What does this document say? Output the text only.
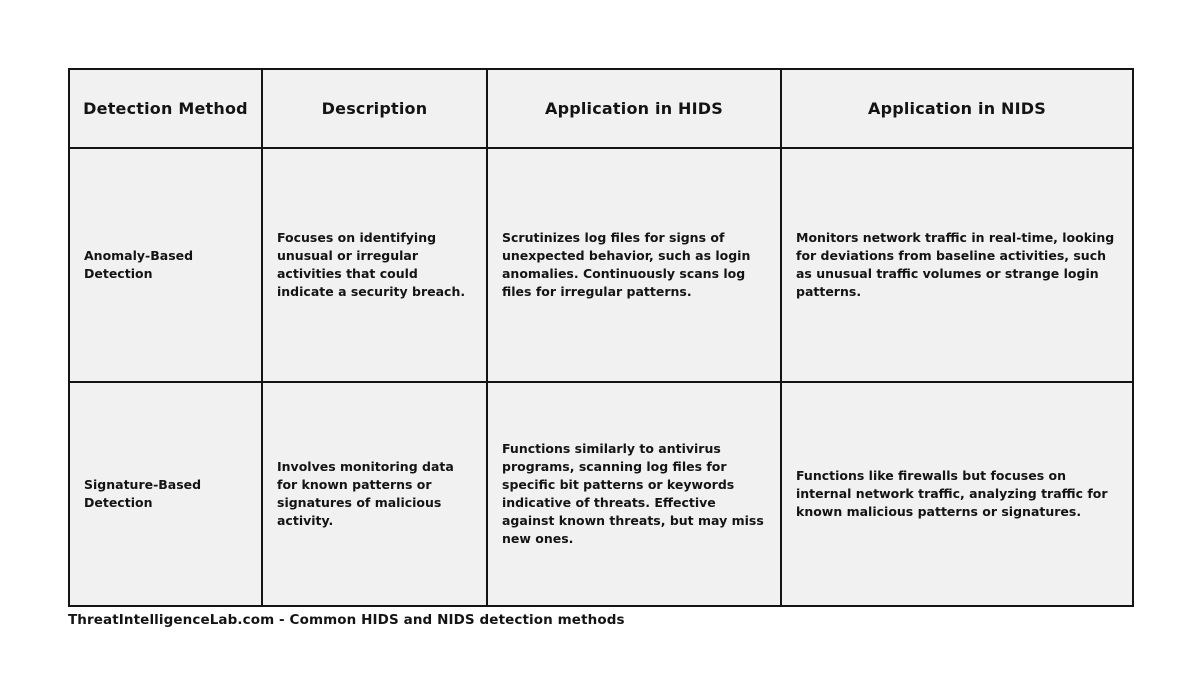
Detection Method	Description	Application in HIDS	Application in NIDS
Anomaly-Based Detection	Focuses on identifying unusual or irregular activities that could indicate a security breach.	Scrutinizes log files for signs of unexpected behavior, such as login anomalies. Continuously scans log files for irregular patterns.	Monitors network traffic in real-time, looking for deviations from baseline activities, such as unusual traffic volumes or strange login patterns.
Signature-Based Detection	Involves monitoring data for known patterns or signatures of malicious activity.	Functions similarly to antivirus programs, scanning log files for specific bit patterns or keywords indicative of threats. Effective against known threats, but may miss new ones.	Functions like firewalls but focuses on internal network traffic, analyzing traffic for known malicious patterns or signatures.
ThreatIntelligenceLab.com - Common HIDS and NIDS detection methods
